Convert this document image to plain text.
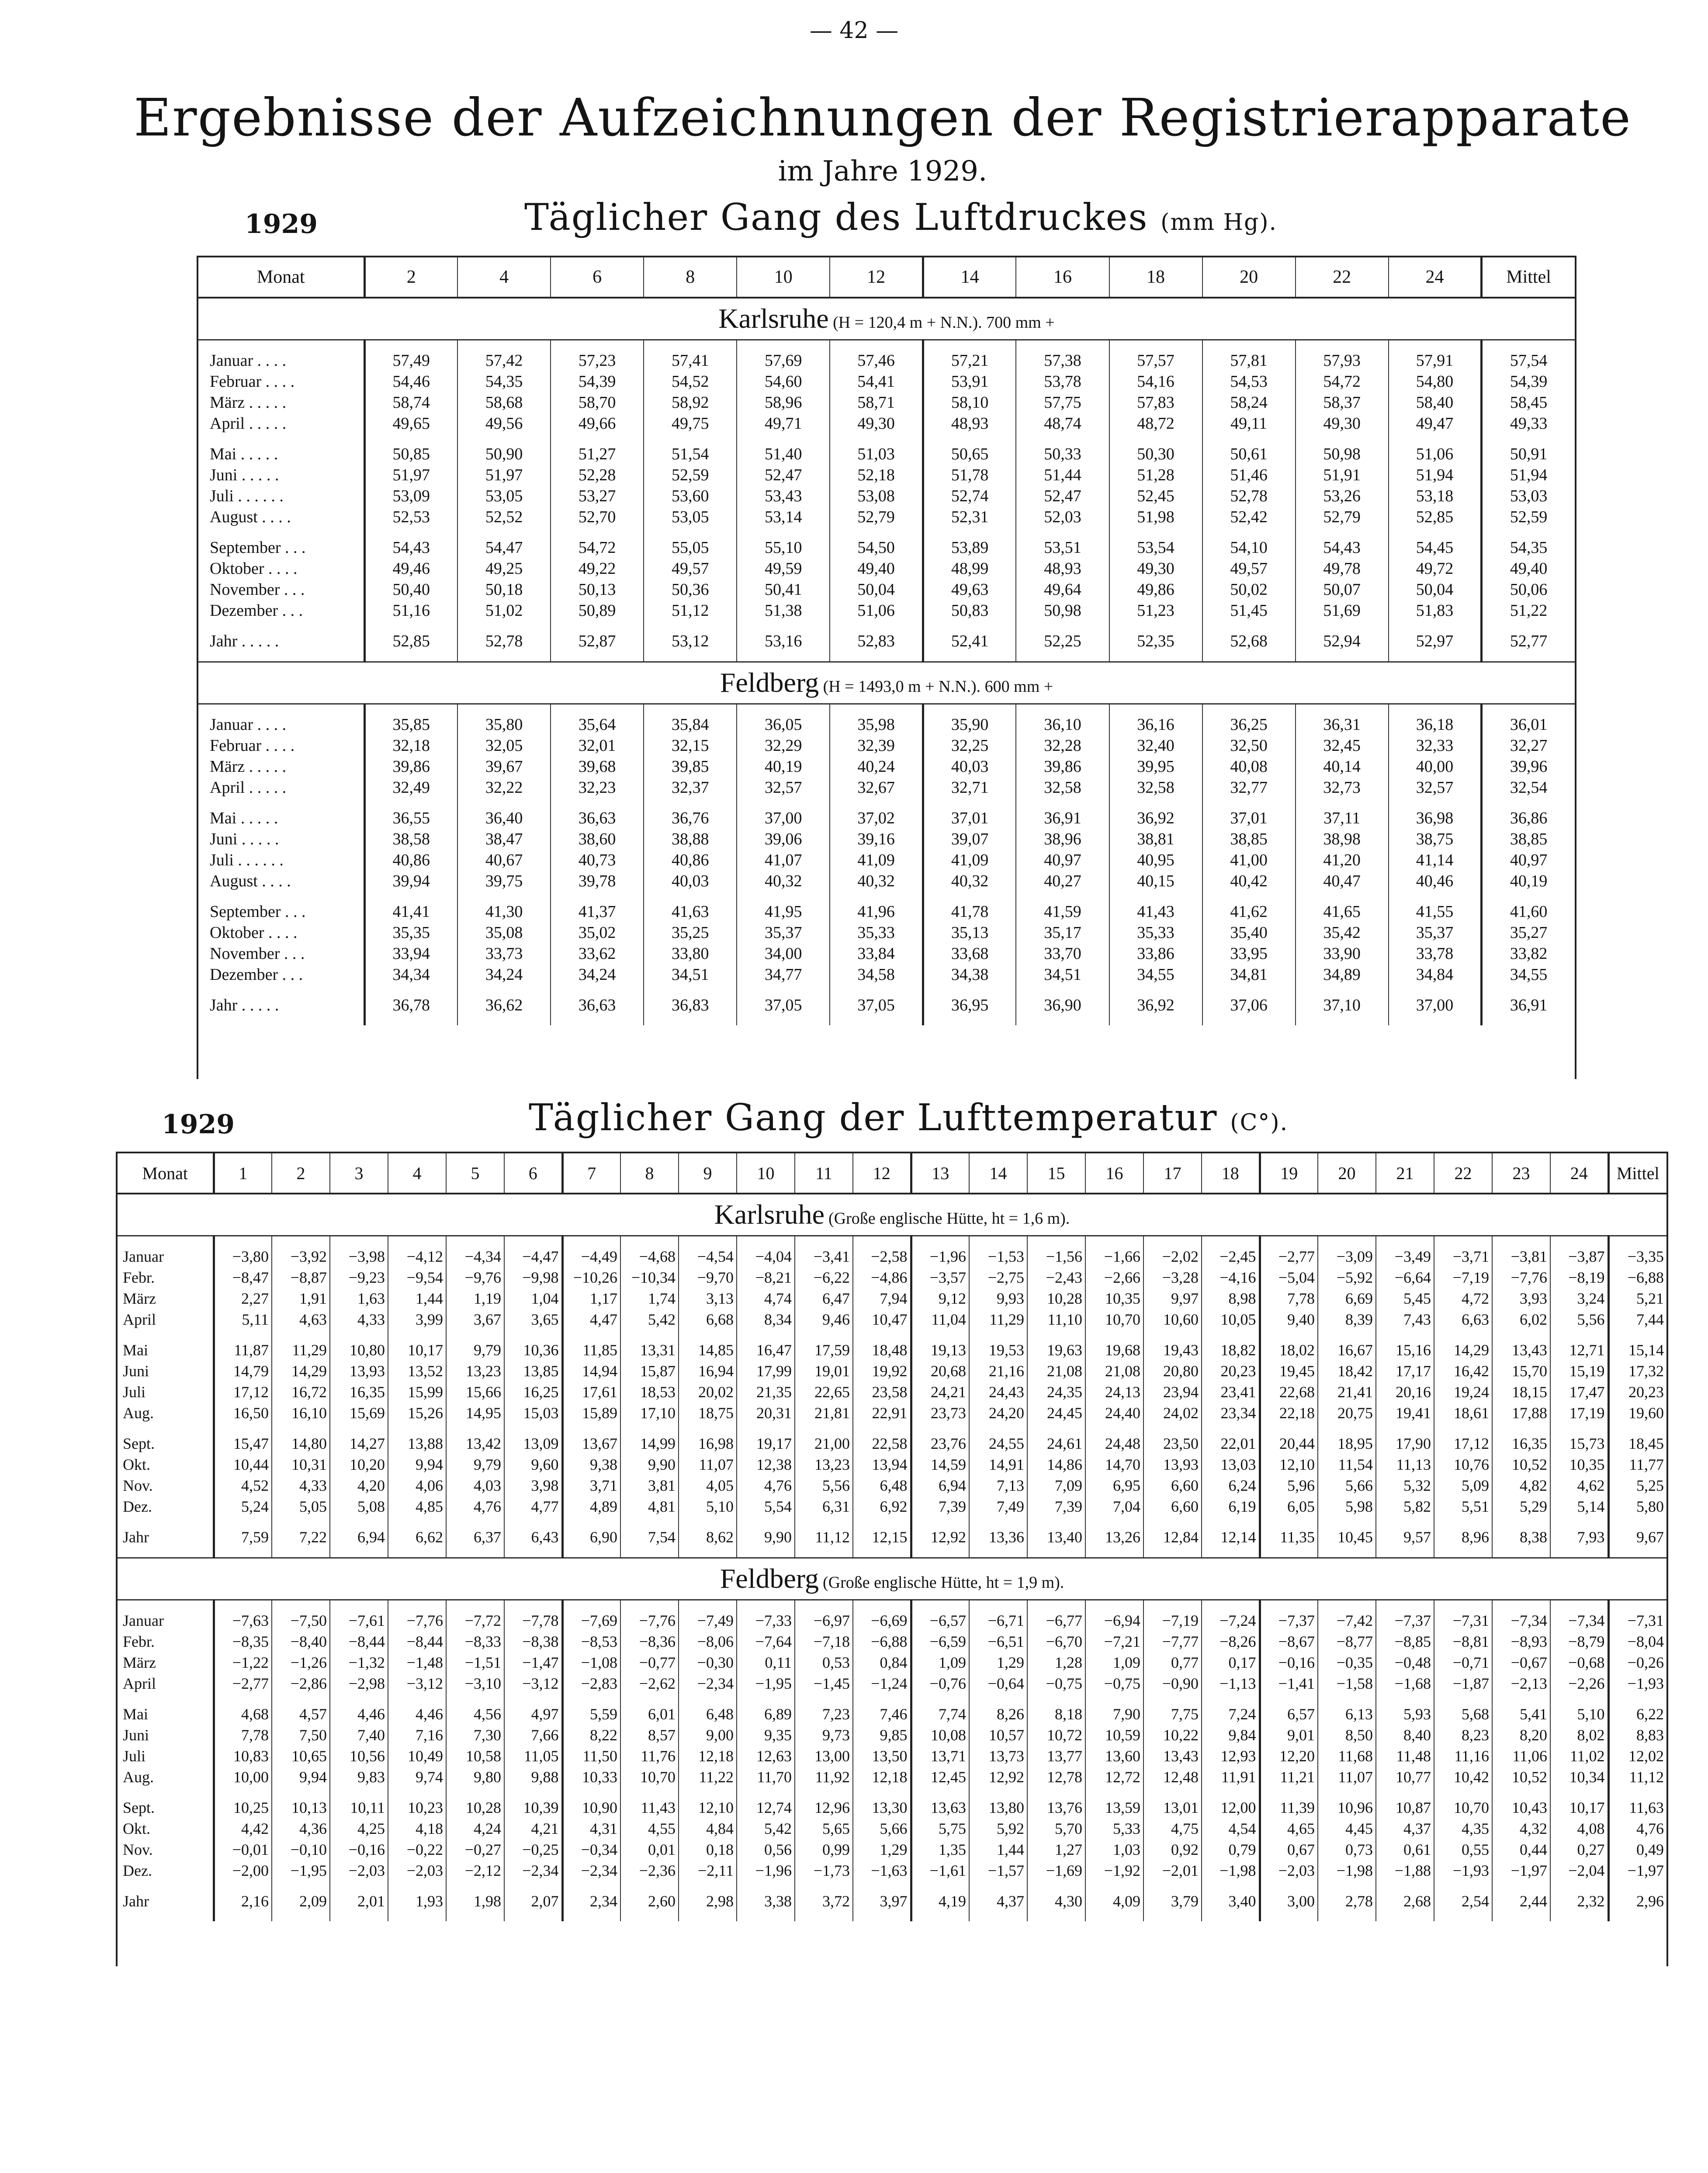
— 42 —
Ergebnisse der Aufzeichnungen der Registrierapparate
im Jahre 1929.
1929	Täglicher Gang des Luftdruckes (mm Hg).
Monat	2	4	6	8	10	12	14	16	18	20	22	24	Mittel
Karlsruhe (H = 120,4 m + N.N.). 700 mm +													

Januar . . . .	57,49	57,42	57,23	57,41	57,69	57,46	57,21	57,38	57,57	57,81	57,93	57,91	57,54
Februar . . . .	54,46	54,35	54,39	54,52	54,60	54,41	53,91	53,78	54,16	54,53	54,72	54,80	54,39
März . . . . .	58,74	58,68	58,70	58,92	58,96	58,71	58,10	57,75	57,83	58,24	58,37	58,40	58,45
April . . . . .	49,65	49,56	49,66	49,75	49,71	49,30	48,93	48,74	48,72	49,11	49,30	49,47	49,33

Mai . . . . .	50,85	50,90	51,27	51,54	51,40	51,03	50,65	50,33	50,30	50,61	50,98	51,06	50,91
Juni . . . . .	51,97	51,97	52,28	52,59	52,47	52,18	51,78	51,44	51,28	51,46	51,91	51,94	51,94
Juli . . . . . .	53,09	53,05	53,27	53,60	53,43	53,08	52,74	52,47	52,45	52,78	53,26	53,18	53,03
August . . . .	52,53	52,52	52,70	53,05	53,14	52,79	52,31	52,03	51,98	52,42	52,79	52,85	52,59

September . . .	54,43	54,47	54,72	55,05	55,10	54,50	53,89	53,51	53,54	54,10	54,43	54,45	54,35
Oktober . . . .	49,46	49,25	49,22	49,57	49,59	49,40	48,99	48,93	49,30	49,57	49,78	49,72	49,40
November . . .	50,40	50,18	50,13	50,36	50,41	50,04	49,63	49,64	49,86	50,02	50,07	50,04	50,06
Dezember . . .	51,16	51,02	50,89	51,12	51,38	51,06	50,83	50,98	51,23	51,45	51,69	51,83	51,22

Jahr . . . . .	52,85	52,78	52,87	53,12	53,16	52,83	52,41	52,25	52,35	52,68	52,94	52,97	52,77

Feldberg (H = 1493,0 m + N.N.). 600 mm +													

Januar . . . .	35,85	35,80	35,64	35,84	36,05	35,98	35,90	36,10	36,16	36,25	36,31	36,18	36,01
Februar . . . .	32,18	32,05	32,01	32,15	32,29	32,39	32,25	32,28	32,40	32,50	32,45	32,33	32,27
März . . . . .	39,86	39,67	39,68	39,85	40,19	40,24	40,03	39,86	39,95	40,08	40,14	40,00	39,96
April . . . . .	32,49	32,22	32,23	32,37	32,57	32,67	32,71	32,58	32,58	32,77	32,73	32,57	32,54

Mai . . . . .	36,55	36,40	36,63	36,76	37,00	37,02	37,01	36,91	36,92	37,01	37,11	36,98	36,86
Juni . . . . .	38,58	38,47	38,60	38,88	39,06	39,16	39,07	38,96	38,81	38,85	38,98	38,75	38,85
Juli . . . . . .	40,86	40,67	40,73	40,86	41,07	41,09	41,09	40,97	40,95	41,00	41,20	41,14	40,97
August . . . .	39,94	39,75	39,78	40,03	40,32	40,32	40,32	40,27	40,15	40,42	40,47	40,46	40,19

September . . .	41,41	41,30	41,37	41,63	41,95	41,96	41,78	41,59	41,43	41,62	41,65	41,55	41,60
Oktober . . . .	35,35	35,08	35,02	35,25	35,37	35,33	35,13	35,17	35,33	35,40	35,42	35,37	35,27
November . . .	33,94	33,73	33,62	33,80	34,00	33,84	33,68	33,70	33,86	33,95	33,90	33,78	33,82
Dezember . . .	34,34	34,24	34,24	34,51	34,77	34,58	34,38	34,51	34,55	34,81	34,89	34,84	34,55

Jahr . . . . .	36,78	36,62	36,63	36,83	37,05	37,05	36,95	36,90	36,92	37,06	37,10	37,00	36,91

1929	Täglicher Gang der Lufttemperatur (C°).
Monat	1	2	3	4	5	6	7	8	9	10	11	12	13	14	15	16	17	18	19	20	21	22	23	24	Mittel
Karlsruhe (Große englische Hütte, ht = 1,6 m).																									

Januar	−3,80	−3,92	−3,98	−4,12	−4,34	−4,47	−4,49	−4,68	−4,54	−4,04	−3,41	−2,58	−1,96	−1,53	−1,56	−1,66	−2,02	−2,45	−2,77	−3,09	−3,49	−3,71	−3,81	−3,87	−3,35
Febr.	−8,47	−8,87	−9,23	−9,54	−9,76	−9,98	−10,26	−10,34	−9,70	−8,21	−6,22	−4,86	−3,57	−2,75	−2,43	−2,66	−3,28	−4,16	−5,04	−5,92	−6,64	−7,19	−7,76	−8,19	−6,88
März	2,27	1,91	1,63	1,44	1,19	1,04	1,17	1,74	3,13	4,74	6,47	7,94	9,12	9,93	10,28	10,35	9,97	8,98	7,78	6,69	5,45	4,72	3,93	3,24	5,21
April	5,11	4,63	4,33	3,99	3,67	3,65	4,47	5,42	6,68	8,34	9,46	10,47	11,04	11,29	11,10	10,70	10,60	10,05	9,40	8,39	7,43	6,63	6,02	5,56	7,44

Mai	11,87	11,29	10,80	10,17	9,79	10,36	11,85	13,31	14,85	16,47	17,59	18,48	19,13	19,53	19,63	19,68	19,43	18,82	18,02	16,67	15,16	14,29	13,43	12,71	15,14
Juni	14,79	14,29	13,93	13,52	13,23	13,85	14,94	15,87	16,94	17,99	19,01	19,92	20,68	21,16	21,08	21,08	20,80	20,23	19,45	18,42	17,17	16,42	15,70	15,19	17,32
Juli	17,12	16,72	16,35	15,99	15,66	16,25	17,61	18,53	20,02	21,35	22,65	23,58	24,21	24,43	24,35	24,13	23,94	23,41	22,68	21,41	20,16	19,24	18,15	17,47	20,23
Aug.	16,50	16,10	15,69	15,26	14,95	15,03	15,89	17,10	18,75	20,31	21,81	22,91	23,73	24,20	24,45	24,40	24,02	23,34	22,18	20,75	19,41	18,61	17,88	17,19	19,60

Sept.	15,47	14,80	14,27	13,88	13,42	13,09	13,67	14,99	16,98	19,17	21,00	22,58	23,76	24,55	24,61	24,48	23,50	22,01	20,44	18,95	17,90	17,12	16,35	15,73	18,45
Okt.	10,44	10,31	10,20	9,94	9,79	9,60	9,38	9,90	11,07	12,38	13,23	13,94	14,59	14,91	14,86	14,70	13,93	13,03	12,10	11,54	11,13	10,76	10,52	10,35	11,77
Nov.	4,52	4,33	4,20	4,06	4,03	3,98	3,71	3,81	4,05	4,76	5,56	6,48	6,94	7,13	7,09	6,95	6,60	6,24	5,96	5,66	5,32	5,09	4,82	4,62	5,25
Dez.	5,24	5,05	5,08	4,85	4,76	4,77	4,89	4,81	5,10	5,54	6,31	6,92	7,39	7,49	7,39	7,04	6,60	6,19	6,05	5,98	5,82	5,51	5,29	5,14	5,80

Jahr	7,59	7,22	6,94	6,62	6,37	6,43	6,90	7,54	8,62	9,90	11,12	12,15	12,92	13,36	13,40	13,26	12,84	12,14	11,35	10,45	9,57	8,96	8,38	7,93	9,67

Feldberg (Große englische Hütte, ht = 1,9 m).																									

Januar	−7,63	−7,50	−7,61	−7,76	−7,72	−7,78	−7,69	−7,76	−7,49	−7,33	−6,97	−6,69	−6,57	−6,71	−6,77	−6,94	−7,19	−7,24	−7,37	−7,42	−7,37	−7,31	−7,34	−7,34	−7,31
Febr.	−8,35	−8,40	−8,44	−8,44	−8,33	−8,38	−8,53	−8,36	−8,06	−7,64	−7,18	−6,88	−6,59	−6,51	−6,70	−7,21	−7,77	−8,26	−8,67	−8,77	−8,85	−8,81	−8,93	−8,79	−8,04
März	−1,22	−1,26	−1,32	−1,48	−1,51	−1,47	−1,08	−0,77	−0,30	0,11	0,53	0,84	1,09	1,29	1,28	1,09	0,77	0,17	−0,16	−0,35	−0,48	−0,71	−0,67	−0,68	−0,26
April	−2,77	−2,86	−2,98	−3,12	−3,10	−3,12	−2,83	−2,62	−2,34	−1,95	−1,45	−1,24	−0,76	−0,64	−0,75	−0,75	−0,90	−1,13	−1,41	−1,58	−1,68	−1,87	−2,13	−2,26	−1,93

Mai	4,68	4,57	4,46	4,46	4,56	4,97	5,59	6,01	6,48	6,89	7,23	7,46	7,74	8,26	8,18	7,90	7,75	7,24	6,57	6,13	5,93	5,68	5,41	5,10	6,22
Juni	7,78	7,50	7,40	7,16	7,30	7,66	8,22	8,57	9,00	9,35	9,73	9,85	10,08	10,57	10,72	10,59	10,22	9,84	9,01	8,50	8,40	8,23	8,20	8,02	8,83
Juli	10,83	10,65	10,56	10,49	10,58	11,05	11,50	11,76	12,18	12,63	13,00	13,50	13,71	13,73	13,77	13,60	13,43	12,93	12,20	11,68	11,48	11,16	11,06	11,02	12,02
Aug.	10,00	9,94	9,83	9,74	9,80	9,88	10,33	10,70	11,22	11,70	11,92	12,18	12,45	12,92	12,78	12,72	12,48	11,91	11,21	11,07	10,77	10,42	10,52	10,34	11,12

Sept.	10,25	10,13	10,11	10,23	10,28	10,39	10,90	11,43	12,10	12,74	12,96	13,30	13,63	13,80	13,76	13,59	13,01	12,00	11,39	10,96	10,87	10,70	10,43	10,17	11,63
Okt.	4,42	4,36	4,25	4,18	4,24	4,21	4,31	4,55	4,84	5,42	5,65	5,66	5,75	5,92	5,70	5,33	4,75	4,54	4,65	4,45	4,37	4,35	4,32	4,08	4,76
Nov.	−0,01	−0,10	−0,16	−0,22	−0,27	−0,25	−0,34	0,01	0,18	0,56	0,99	1,29	1,35	1,44	1,27	1,03	0,92	0,79	0,67	0,73	0,61	0,55	0,44	0,27	0,49
Dez.	−2,00	−1,95	−2,03	−2,03	−2,12	−2,34	−2,34	−2,36	−2,11	−1,96	−1,73	−1,63	−1,61	−1,57	−1,69	−1,92	−2,01	−1,98	−2,03	−1,98	−1,88	−1,93	−1,97	−2,04	−1,97

Jahr	2,16	2,09	2,01	1,93	1,98	2,07	2,34	2,60	2,98	3,38	3,72	3,97	4,19	4,37	4,30	4,09	3,79	3,40	3,00	2,78	2,68	2,54	2,44	2,32	2,96
